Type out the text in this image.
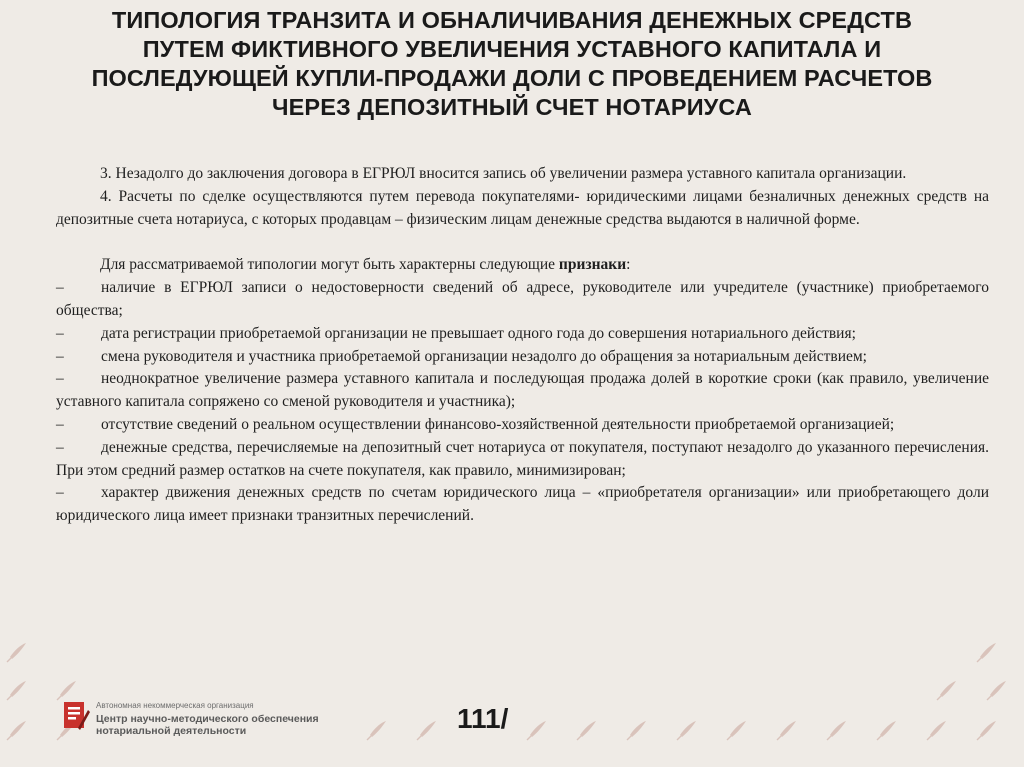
ТИПОЛОГИЯ ТРАНЗИТА И ОБНАЛИЧИВАНИЯ ДЕНЕЖНЫХ СРЕДСТВ
ПУТЕМ ФИКТИВНОГО УВЕЛИЧЕНИЯ УСТАВНОГО КАПИТАЛА И
ПОСЛЕДУЮЩЕЙ КУПЛИ-ПРОДАЖИ ДОЛИ С ПРОВЕДЕНИЕМ РАСЧЕТОВ
ЧЕРЕЗ ДЕПОЗИТНЫЙ СЧЕТ НОТАРИУСА

3. Незадолго до заключения договора в ЕГРЮЛ вносится запись об увеличении размера уставного капитала организации.

4. Расчеты по сделке осуществляются путем перевода покупателями- юридическими лицами безналичных денежных средств на депозитные счета нотариуса, с которых продавцам – физическим лицам денежные средства выдаются в наличной форме.

Для рассматриваемой типологии могут быть характерны следующие признаки:

– наличие в ЕГРЮЛ записи о недостоверности сведений об адресе, руководителе или учредителе (участнике) приобретаемого общества;

– дата регистрации приобретаемой организации не превышает одного года до совершения нотариального действия;

– смена руководителя и участника приобретаемой организации незадолго до обращения за нотариальным действием;

– неоднократное увеличение размера уставного капитала и последующая продажа долей в короткие сроки (как правило, увеличение уставного капитала сопряжено со сменой руководителя и участника);

– отсутствие сведений о реальном осуществлении финансово-хозяйственной деятельности приобретаемой организацией;

– денежные средства, перечисляемые на депозитный счет нотариуса от покупателя, поступают незадолго до указанного перечисления. При этом средний размер остатков на счете покупателя, как правило, минимизирован;

– характер движения денежных средств по счетам юридического лица – «приобретателя организации» или приобретающего доли юридического лица имеет признаки транзитных перечислений.

Автономная некоммерческая организация
Центр научно-методического обеспечения
нотариальной деятельности	111/
